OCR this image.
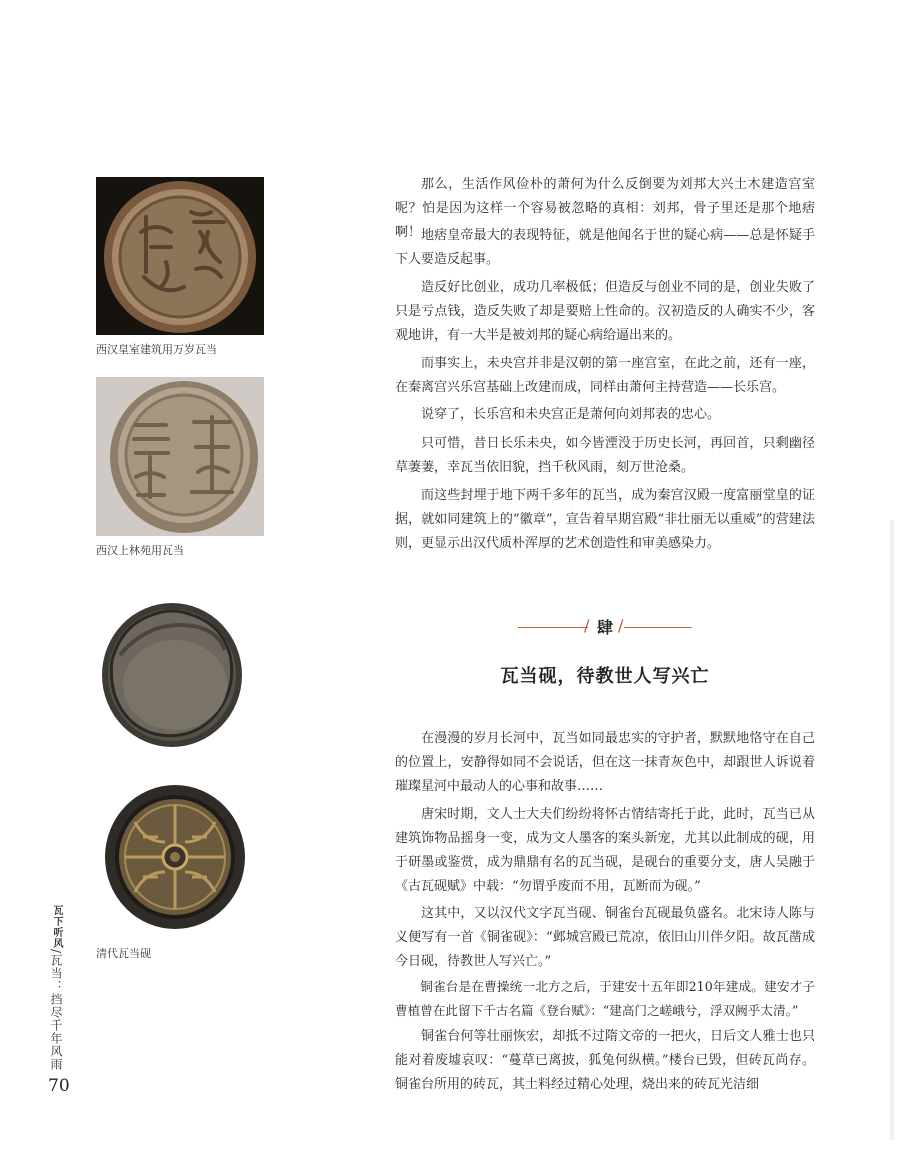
西汉皇室建筑用万岁瓦当
西汉上林苑用瓦当
清代瓦当砚

那么，生活作风俭朴的萧何为什么反倒要为刘邦大兴土木建造宫室呢？怕是因为这样一个容易被忽略的真相：刘邦，骨子里还是那个地痞啊！ 地痞皇帝最大的表现特征，就是他闻名于世的疑心病——总是怀疑手下人要造反起事。

造反好比创业，成功几率极低；但造反与创业不同的是，创业失败了只是亏点钱，造反失败了却是要赔上性命的。汉初造反的人确实不少，客观地讲，有一大半是被刘邦的疑心病给逼出来的。

而事实上，未央宫并非是汉朝的第一座宫室，在此之前，还有一座，在秦离宫兴乐宫基础上改建而成，同样由萧何主持营造——长乐宫。

说穿了，长乐宫和未央宫正是萧何向刘邦表的忠心。

只可惜，昔日长乐未央，如今皆湮没于历史长河，再回首，只剩幽径草萋萋，幸瓦当依旧貌，挡千秋风雨，刻万世沧桑。

而这些封埋于地下两千多年的瓦当，成为秦宫汉殿一度富丽堂皇的证据，就如同建筑上的“徽章”，宣告着早期宫殿“非壮丽无以重威”的营建法则，更显示出汉代质朴浑厚的艺术创造性和审美感染力。

/ 肆 /
瓦当砚，待教世人写兴亡

在漫漫的岁月长河中，瓦当如同最忠实的守护者，默默地恪守在自己的位置上，安静得如同不会说话，但在这一抹青灰色中，却跟世人诉说着璀璨星河中最动人的心事和故事……

唐宋时期，文人士大夫们纷纷将怀古情结寄托于此，此时，瓦当已从建筑饰物品摇身一变，成为文人墨客的案头新宠，尤其以此制成的砚，用于研墨或鉴赏，成为鼎鼎有名的瓦当砚，是砚台的重要分支，唐人吴融于《古瓦砚赋》中载：“勿谓乎废而不用，瓦断而为砚。”

这其中，又以汉代文字瓦当砚、铜雀台瓦砚最负盛名。北宋诗人陈与义便写有一首《铜雀砚》：“邺城宫殿已荒凉，依旧山川伴夕阳。故瓦凿成今日砚，待教世人写兴亡。”

铜雀台是在曹操统一北方之后，于建安十五年即210年建成。建安才子曹植曾在此留下千古名篇《登台赋》：“建高门之嵯峨兮，浮双阙乎太清。”

铜雀台何等壮丽恢宏，却抵不过隋文帝的一把火，日后文人雅士也只能对着废墟哀叹：“蔓草已离披，狐兔何纵横。”楼台已毁，但砖瓦尚存。铜雀台所用的砖瓦，其土料经过精心处理，烧出来的砖瓦光洁细

瓦下听风/瓦当：挡尽千年风雨
70
